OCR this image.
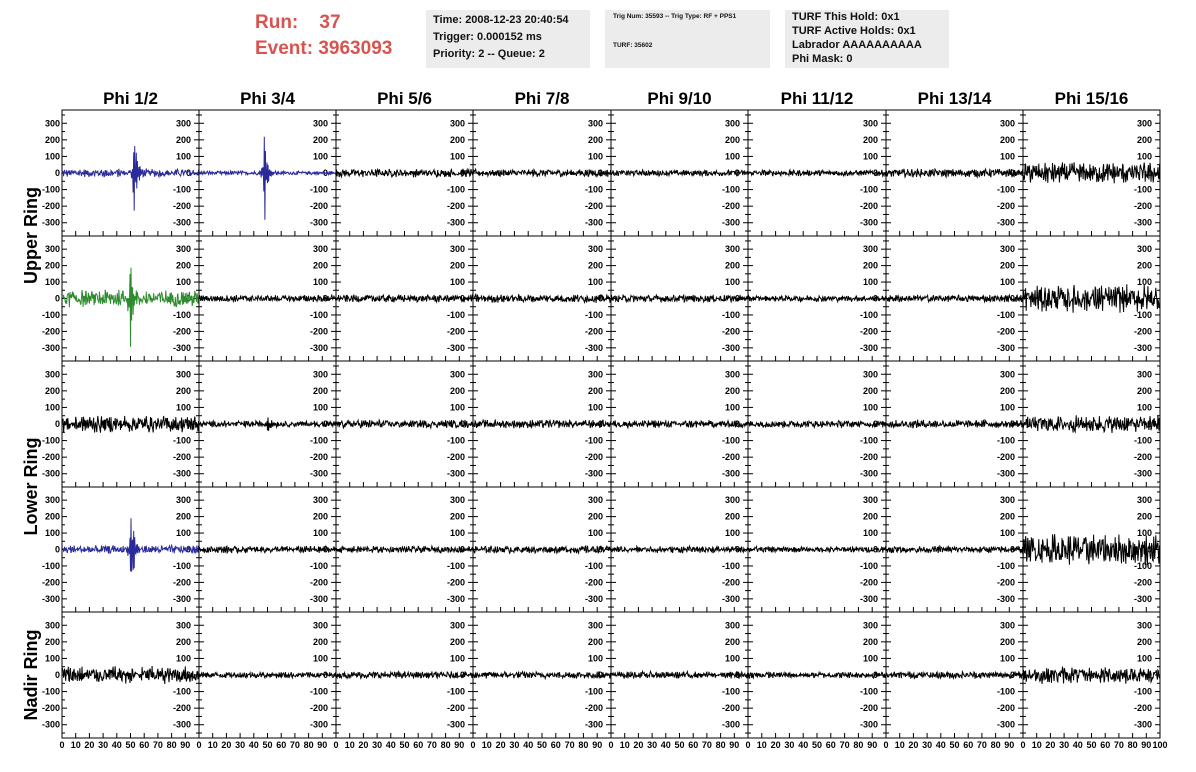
Run: 37
Event: 3963093
Time: 2008-12-23 20:40:54
Trigger: 0.000152 ms
Priority: 2 -- Queue: 2
Trig Num: 35593 -- Trig Type: RF + PPS1
TURF: 35602
TURF This Hold: 0x1
TURF Active Holds: 0x1
Labrador AAAAAAAAAA
Phi Mask: 0
-300	-300
-200	-200
-100	-100
0	0
100	100
200	200
300	300
-300
-200
-100
0
100
200
300
-300
-200
-100
0
100
200
300
-300
-200
-100
0
100
200
300
-300
-200
-100
0
100
200
300
-300
-200
-100
0
100
200
300
-300
-200
-100
0
100
200
300
-300
-200
-100
0
100
200
300
-300	-300
-200	-200
-100	-100
0	0
100	100
200	200
300	300
-300
-200
-100
0
100
200
300
-300
-200
-100
0
100
200
300
-300
-200
-100
0
100
200
300
-300
-200
-100
0
100
200
300
-300
-200
-100
0
100
200
300
-300
-200
-100
0
100
200
300
-300
-200
-100
0
100
200
300
-300	-300
-200	-200
-100	-100
0	0
100	100
200	200
300	300
-300
-200
-100
0
100
200
300
-300
-200
-100
0
100
200
300
-300
-200
-100
0
100
200
300
-300
-200
-100
0
100
200
300
-300
-200
-100
0
100
200
300
-300
-200
-100
0
100
200
300
-300
-200
-100
0
100
200
300
-300	-300
-200	-200
-100	-100
0	0
100	100
200	200
300	300
-300
-200
-100
0
100
200
300
-300
-200
-100
0
100
200
300
-300
-200
-100
0
100
200
300
-300
-200
-100
0
100
200
300
-300
-200
-100
0
100
200
300
-300
-200
-100
0
100
200
300
-300
-200
-100
0
100
200
300
-300	-300
-200	-200
-100	-100
0	0
100	100
200	200
300	300
-300
-200
-100
0
100
200
300
-300
-200
-100
0
100
200
300
-300
-200
-100
0
100
200
300
-300
-200
-100
0
100
200
300
-300
-200
-100
0
100
200
300
-300
-200
-100
0
100
200
300
-300
-200
-100
0
100
200
300
Phi 1/2	Phi 3/4	Phi 5/6	Phi 7/8	Phi 9/10	Phi 11/12	Phi 13/14	Phi 15/16
Upper Ring
Lower Ring
Nadir Ring
0 10 20 30 40 50 60 70 80 90 0 10 20 30 40 50 60 70 80 90 0 10 20 30 40 50 60 70 80 90 0 10 20 30 40 50 60 70 80 90 0 10 20 30 40 50 60 70 80 90 0 10 20 30 40 50 60 70 80 90 0 10 20 30 40 50 60 70 80 90 0 10 20 30 40 50 60 70 80 90 100
